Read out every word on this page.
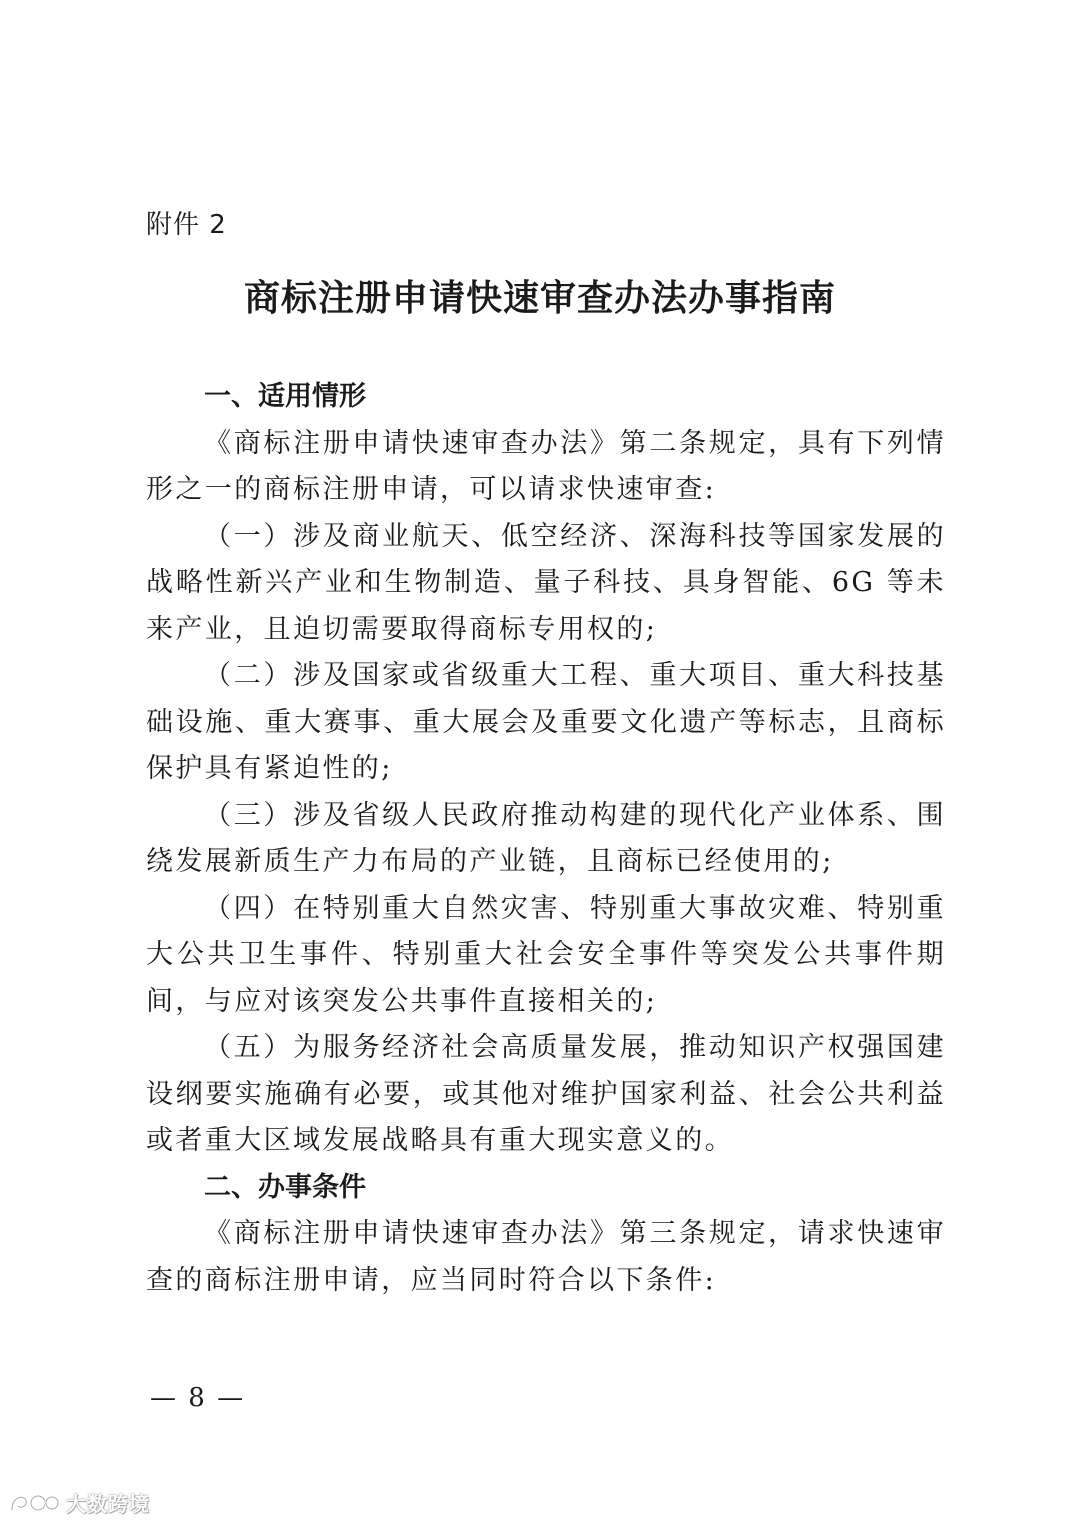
附件 2
商标注册申请快速审查办法办事指南

一、适用情形

《商标注册申请快速审查办法》第二条规定，具有下列情形之一的商标注册申请，可以请求快速审查:

（一）涉及商业航天、低空经济、深海科技等国家发展的战略性新兴产业和生物制造、量子科技、具身智能、6G 等未来产业，且迫切需要取得商标专用权的;

（二）涉及国家或省级重大工程、重大项目、重大科技基础设施、重大赛事、重大展会及重要文化遗产等标志，且商标保护具有紧迫性的;

（三）涉及省级人民政府推动构建的现代化产业体系、围绕发展新质生产力布局的产业链，且商标已经使用的;

（四）在特别重大自然灾害、特别重大事故灾难、特别重大公共卫生事件、特别重大社会安全事件等突发公共事件期间，与应对该突发公共事件直接相关的;

（五）为服务经济社会高质量发展，推动知识产权强国建设纲要实施确有必要，或其他对维护国家利益、社会公共利益或者重大区域发展战略具有重大现实意义的。

二、办事条件

《商标注册申请快速审查办法》第三条规定，请求快速审查的商标注册申请，应当同时符合以下条件:

— 8 —
大数跨境
